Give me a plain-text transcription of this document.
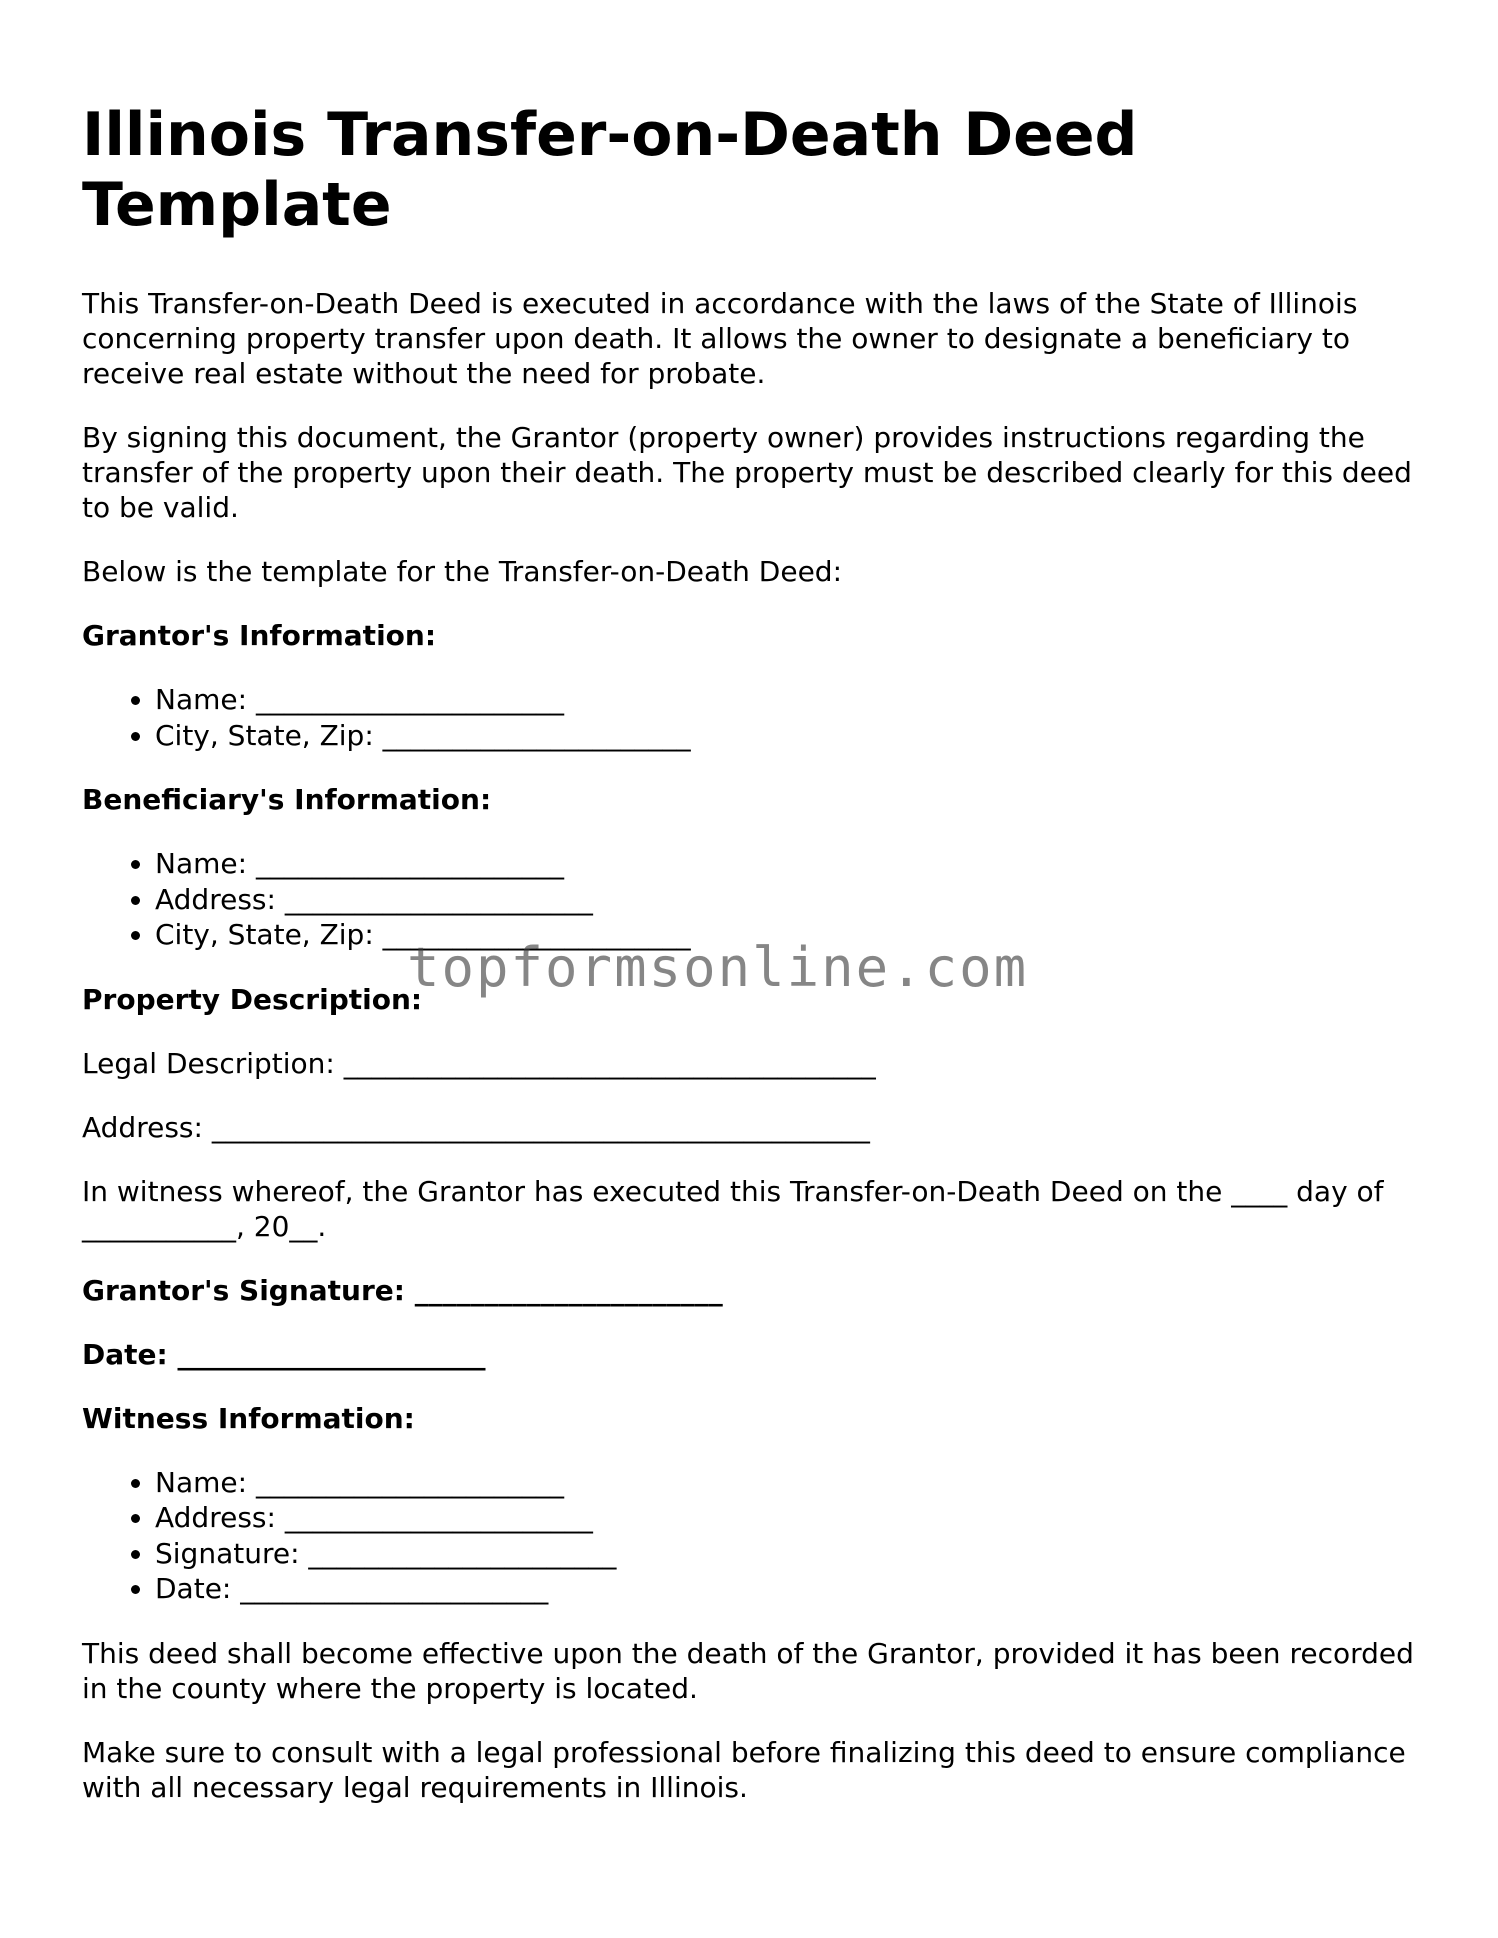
Illinois Transfer-on-Death Deed Template

This Transfer-on-Death Deed is executed in accordance with the laws of the State of Illinois concerning property transfer upon death. It allows the owner to designate a beneficiary to receive real estate without the need for probate.

By signing this document, the Grantor (property owner) provides instructions regarding the transfer of the property upon their death. The property must be described clearly for this deed to be valid.

Below is the template for the Transfer-on-Death Deed:

Grantor's Information:

• Name: ______________________
• City, State, Zip: ______________________

Beneficiary's Information:

• Name: ______________________
• Address: ______________________
• City, State, Zip: ______________________

Property Description:

Legal Description: ______________________________________

Address: _______________________________________________

In witness whereof, the Grantor has executed this Transfer-on-Death Deed on the ____ day of ___________, 20__.

Grantor's Signature: ______________________

Date: ______________________

Witness Information:

• Name: ______________________
• Address: ______________________
• Signature: ______________________
• Date: ______________________

This deed shall become effective upon the death of the Grantor, provided it has been recorded in the county where the property is located.

Make sure to consult with a legal professional before finalizing this deed to ensure compliance with all necessary legal requirements in Illinois.

topformsonline.com
